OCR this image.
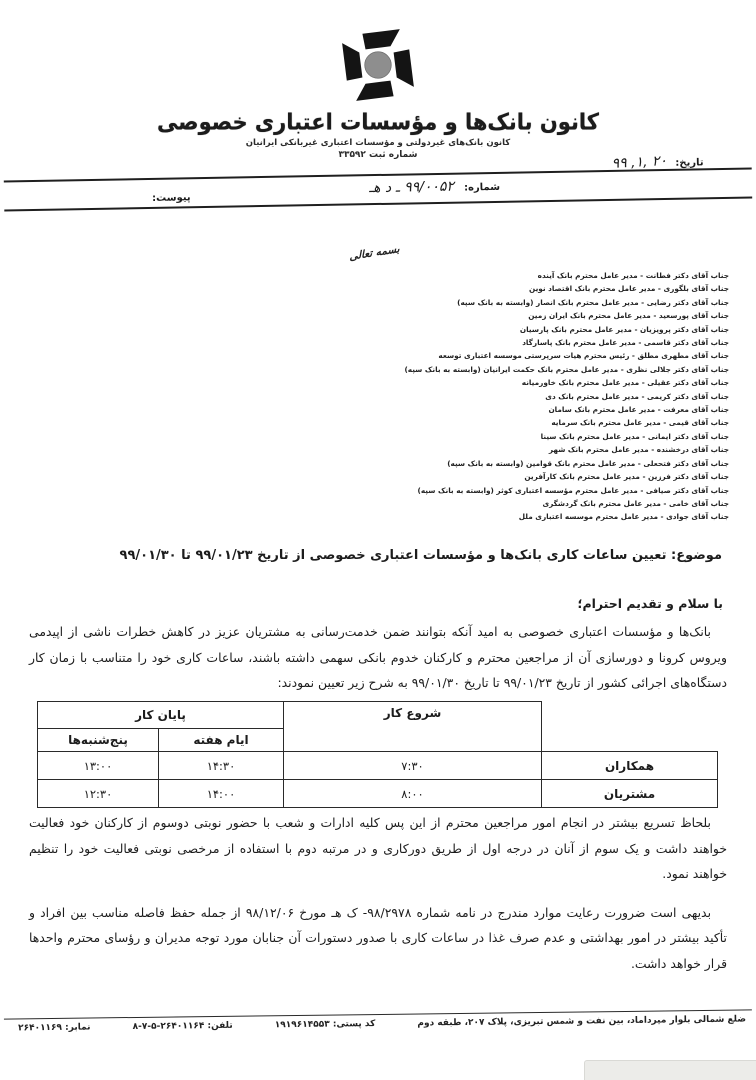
کانون بانک‌ها و مؤسسات اعتباری خصوصی
کانون بانک‌های غیردولتی و مؤسسات اعتباری غیربانکی ایرانیان
شماره ثبت ۳۳۵۹۲
تاریخ:
۹۹ ,۱, ۲۰
شماره:
۹۹/۰۰۵۲ ـ د هـ
پیوست:
بسمه تعالی
جناب آقای دکتر فطانت - مدیر عامل محترم بانک آینده
جناب آقای بلگوری - مدیر عامل محترم بانک اقتصاد نوین
جناب آقای دکتر رضایی - مدیر عامل محترم بانک انصار (وابسته به بانک سپه)
جناب آقای پورسعید - مدیر عامل محترم بانک ایران زمین
جناب آقای دکتر پرویزیان - مدیر عامل محترم بانک پارسیان
جناب آقای دکتر قاسمی - مدیر عامل محترم بانک پاسارگاد
جناب آقای مطهری مطلق - رئیس محترم هیات سرپرستی موسسه اعتباری توسعه
جناب آقای دکتر جلالی نظری - مدیر عامل محترم بانک حکمت ایرانیان (وابسته به بانک سپه)
جناب آقای دکتر عقیلی - مدیر عامل محترم بانک خاورمیانه
جناب آقای دکتر کریمی - مدیر عامل محترم بانک دی
جناب آقای معرفت - مدیر عامل محترم بانک سامان
جناب آقای قیمی - مدیر عامل محترم بانک سرمایه
جناب آقای دکتر ایمانی - مدیر عامل محترم بانک سینا
جناب آقای درخشنده - مدیر عامل محترم بانک شهر
جناب آقای دکتر فتحعلی - مدیر عامل محترم بانک قوامین (وابسته به بانک سپه)
جناب آقای دکتر فرزین - مدیر عامل محترم بانک کارآفرین
جناب آقای دکتر صیافی - مدیر عامل محترم مؤسسه اعتباری کوثر (وابسته به بانک سپه)
جناب آقای خامی - مدیر عامل محترم بانک گردشگری
جناب آقای جوادی - مدیر عامل محترم موسسه اعتباری ملل
موضوع: تعیین ساعات کاری بانک‌ها و مؤسسات اعتباری خصوصی از تاریخ ۹۹/۰۱/۲۳ تا ۹۹/۰۱/۳۰
با سلام و تقدیم احترام؛
بانک‌ها و مؤسسات اعتباری خصوصی به امید آنکه بتوانند ضمن خدمت‌رسانی به مشتریان عزیز در کاهش خطرات ناشی از اپیدمی ویروس کرونا و دورسازی آن از مراجعین محترم و کارکنان خدوم بانکی سهمی داشته باشند، ساعات کاری خود را متناسب با زمان کار دستگاه‌های اجرائی کشور از تاریخ ۹۹/۰۱/۲۳ تا تاریخ ۹۹/۰۱/۳۰ به شرح زیر تعیین نمودند:
	شروع کار	پایان کار	
		ایام هفته	پنج‌شنبه‌ها
همکاران	۷:۳۰	۱۴:۳۰	۱۳:۰۰
مشتریان	۸:۰۰	۱۴:۰۰	۱۲:۳۰

بلحاظ تسریع بیشتر در انجام امور مراجعین محترم از این پس کلیه ادارات و شعب با حضور نوبتی دوسوم از کارکنان خود فعالیت خواهند داشت و یک سوم از آنان در درجه اول از طریق دورکاری و در مرتبه دوم با استفاده از مرخصی نوبتی فعالیت خود را تنظیم خواهند نمود.

بدیهی است ضرورت رعایت موارد مندرج در نامه شماره ۹۸/۲۹۷۸- ک هـ مورخ ۹۸/۱۲/۰۶ از جمله حفظ فاصله مناسب بین افراد و تأکید بیشتر در امور بهداشتی و عدم صرف غذا در ساعات کاری با صدور دستورات آن جنابان مورد توجه مدیران و رؤسای محترم واحدها قرار خواهد داشت.

ضلع شمالی بلوار میرداماد، بین نفت و شمس تبریزی، پلاک ۲۰۷، طبقه دوم
کد پستی: ۱۹۱۹۶۱۴۵۵۳
تلفن: ۲۶۴۰۱۱۶۴-۵-۷-۸
نمابر: ۲۶۴۰۱۱۶۹
